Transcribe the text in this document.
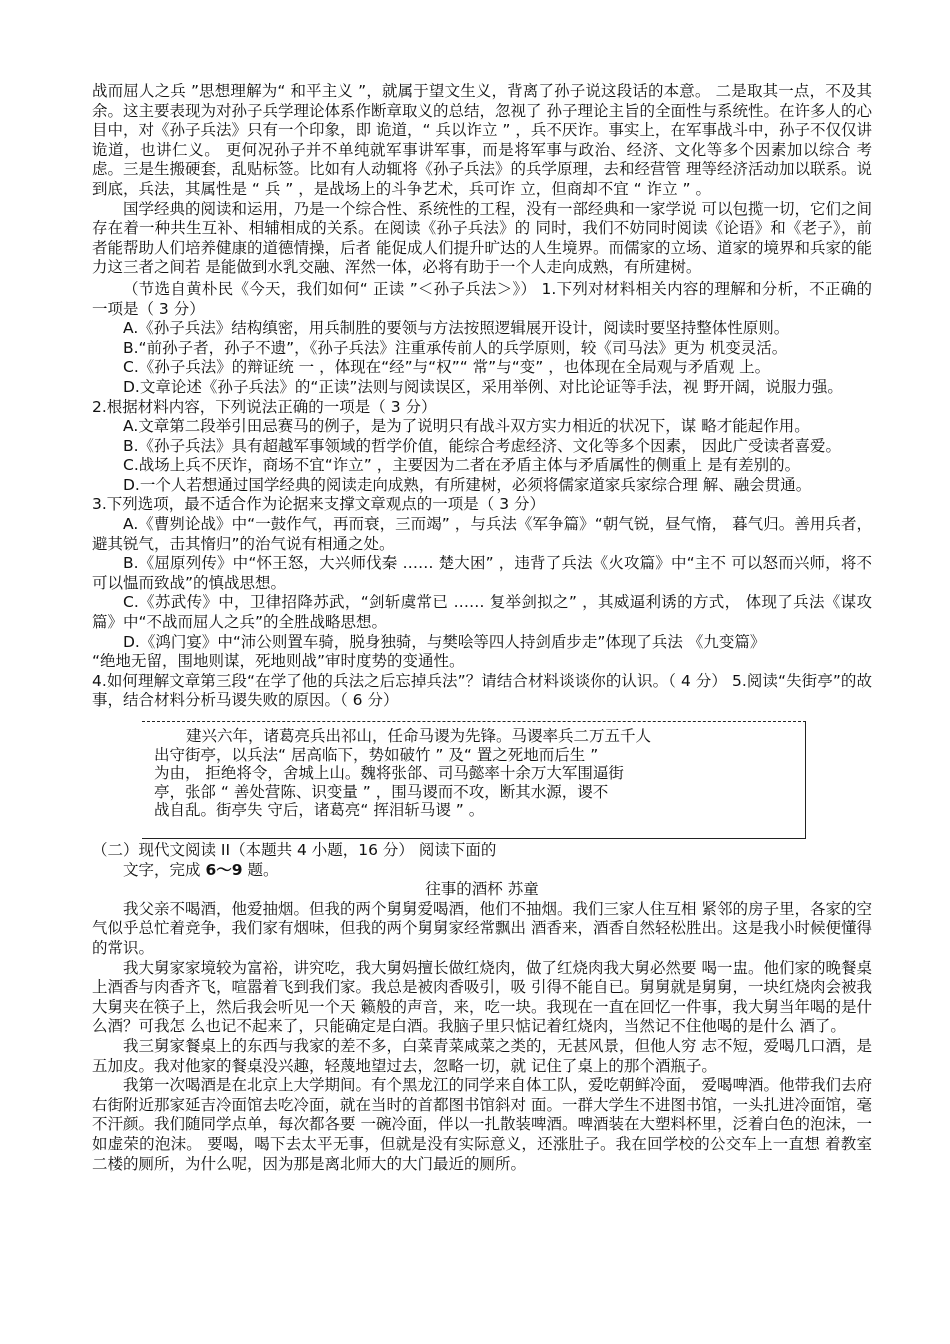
战而屈人之兵 ”思想理解为“ 和平主义 ”，就属于望文生义，背离了孙子说这段话的本意。 二是取其一点，不及其余。这主要表现为对孙子兵学理论体系作断章取义的总结，忽视了 孙子理论主旨的全面性与系统性。在许多人的心目中，对《孙子兵法》只有一个印象，即 诡道，“ 兵以诈立 ” ，兵不厌诈。事实上，在军事战斗中，孙子不仅仅讲诡道，也讲仁义。 更何况孙子并不单纯就军事讲军事，而是将军事与政治、经济、文化等多个因素加以综合 考虑。三是生搬硬套，乱贴标签。比如有人动辄将《孙子兵法》的兵学原理，去和经营管 理等经济活动加以联系。说到底，兵法，其属性是 “ 兵 ” ，是战场上的斗争艺术，兵可诈 立，但商却不宜 “ 诈立 ” 。

国学经典的阅读和运用，乃是一个综合性、系统性的工程，没有一部经典和一家学说 可以包揽一切，它们之间存在着一种共生互补、相辅相成的关系。在阅读《孙子兵法》的 同时，我们不妨同时阅读《论语》和《老子》，前者能帮助人们培养健康的道德情操，后者 能促成人们提升旷达的人生境界。而儒家的立场、道家的境界和兵家的能力这三者之间若 是能做到水乳交融、浑然一体，必将有助于一个人走向成熟，有所建树。

（节选自黄朴民《今天，我们如何“ 正读 ”＜孙子兵法＞》） 1.下列对材料相关内容的理解和分析，不正确的一项是（ 3 分）

A.《孙子兵法》结构缜密，用兵制胜的要领与方法按照逻辑展开设计，阅读时要坚持整体性原则。

B.“前孙子者，孙子不遗”，《孙子兵法》注重承传前人的兵学原则，较《司马法》更为 机变灵活。

C.《孙子兵法》的辩证统 一 ，体现在“经”与“权”“ 常”与“变” ，也体现在全局观与矛盾观 上。

D.文章论述《孙子兵法》的“正读”法则与阅读误区，采用举例、对比论证等手法，视 野开阔，说服力强。

2.根据材料内容，下列说法正确的一项是（ 3 分）

A.文章第二段举引田忌赛马的例子，是为了说明只有战斗双方实力相近的状况下，谋 略才能起作用。

B.《孙子兵法》具有超越军事领域的哲学价值，能综合考虑经济、文化等多个因素， 因此广受读者喜爱。

C.战场上兵不厌诈，商场不宜“诈立” ，主要因为二者在矛盾主体与矛盾属性的侧重上 是有差别的。

D.一个人若想通过国学经典的阅读走向成熟，有所建树，必须将儒家道家兵家综合理 解、融会贯通。

3.下列选项，最不适合作为论据来支撑文章观点的一项是（ 3 分）

A.《曹刿论战》中“一鼓作气，再而衰，三而竭” ，与兵法《军争篇》“朝气锐，昼气惰， 暮气归。善用兵者，避其锐气，击其惰归”的治气说有相通之处。

B.《屈原列传》中“怀王怒，大兴师伐秦 …… 楚大困” ，违背了兵法《火攻篇》中“主不 可以怒而兴师，将不可以愠而致战”的慎战思想。

C.《苏武传》中，卫律招降苏武，“剑斩虞常已 …… 复举剑拟之” ，其威逼利诱的方式， 体现了兵法《谋攻篇》中“不战而屈人之兵”的全胜战略思想。

D.《鸿门宴》中“沛公则置车骑，脱身独骑，与樊哙等四人持剑盾步走”体现了兵法 《九变篇》

“绝地无留，围地则谋，死地则战”审时度势的变通性。

4.如何理解文章第三段“在学了他的兵法之后忘掉兵法”？请结合材料谈谈你的认识。（ 4 分） 5.阅读“失街亭”的故事，结合材料分析马谡失败的原因。（ 6 分）

建兴六年，诸葛亮兵出祁山，任命马谡为先锋。马谡率兵二万五千人
出守街亭，以兵法“ 居高临下，势如破竹 ” 及“ 置之死地而后生 ”
为由， 拒绝将令，舍城上山。魏将张郃、司马懿率十余万大军围逼街
亭，张郃 “ 善处营陈、识变量 ” ，围马谡而不攻，断其水源，谡不
战自乱。街亭失 守后，诸葛亮“ 挥泪斩马谡 ” 。

（二）现代文阅读 II（本题共 4 小题，16 分） 阅读下面的

文字，完成 6～9 题。

往事的酒杯 苏童

我父亲不喝酒，他爱抽烟。但我的两个舅舅爱喝酒，他们不抽烟。我们三家人住互相 紧邻的房子里，各家的空气似乎总忙着竞争，我们家有烟味，但我的两个舅舅家经常飘出 酒香来，酒香自然轻松胜出。这是我小时候便懂得的常识。

我大舅家家境较为富裕，讲究吃，我大舅妈擅长做红烧肉，做了红烧肉我大舅必然要 喝一盅。他们家的晚餐桌上酒香与肉香齐飞，喧嚣着飞到我们家。我总是被肉香吸引，吸 引得不能自已。舅舅就是舅舅，一块红烧肉会被我大舅夹在筷子上，然后我会听见一个天 籁般的声音，来，吃一块。我现在一直在回忆一件事，我大舅当年喝的是什么酒？可我怎 么也记不起来了，只能确定是白酒。我脑子里只惦记着红烧肉，当然记不住他喝的是什么 酒了。

我三舅家餐桌上的东西与我家的差不多，白菜青菜咸菜之类的，无甚风景，但他人穷 志不短，爱喝几口酒，是五加皮。我对他家的餐桌没兴趣，轻蔑地望过去，忽略一切，就 记住了桌上的那个酒瓶子。

我第一次喝酒是在北京上大学期间。有个黑龙江的同学来自体工队，爱吃朝鲜冷面， 爱喝啤酒。他带我们去府右街附近那家延吉冷面馆去吃冷面，就在当时的首都图书馆斜对 面。一群大学生不进图书馆，一头扎进冷面馆，毫不汗颜。我们随同学点单，每次都各要 一碗冷面，伴以一扎散装啤酒。啤酒装在大塑料杯里，泛着白色的泡沫，一如虚荣的泡沫。 要喝，喝下去太平无事，但就是没有实际意义，还涨肚子。我在回学校的公交车上一直想 着教室二楼的厕所，为什么呢，因为那是离北师大的大门最近的厕所。
